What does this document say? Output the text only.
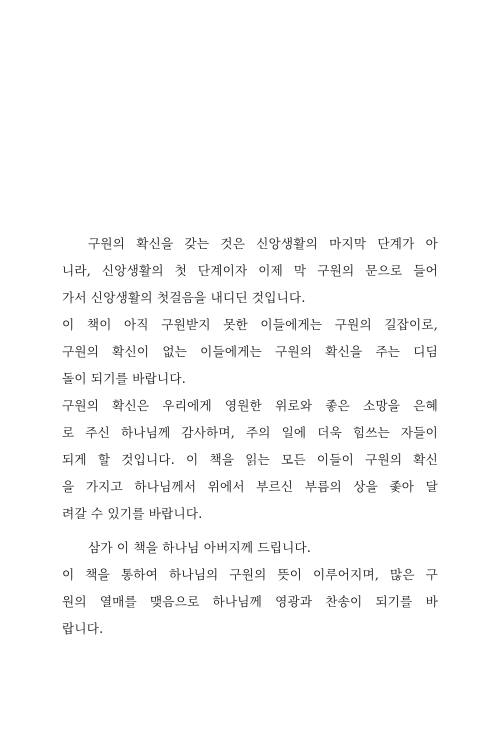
구원의 확신을 갖는 것은 신앙생활의 마지막 단계가 아
니라, 신앙생활의 첫 단계이자 이제 막 구원의 문으로 들어
가서 신앙생활의 첫걸음을 내디딘 것입니다.
이 책이 아직 구원받지 못한 이들에게는 구원의 길잡이로,
구원의 확신이 없는 이들에게는 구원의 확신을 주는 디딤
돌이 되기를 바랍니다.
구원의 확신은 우리에게 영원한 위로와 좋은 소망을 은혜
로 주신 하나님께 감사하며, 주의 일에 더욱 힘쓰는 자들이
되게 할 것입니다. 이 책을 읽는 모든 이들이 구원의 확신
을 가지고 하나님께서 위에서 부르신 부름의 상을 좇아 달
려갈 수 있기를 바랍니다.
삼가 이 책을 하나님 아버지께 드립니다.
이 책을 통하여 하나님의 구원의 뜻이 이루어지며, 많은 구
원의 열매를 맺음으로 하나님께 영광과 찬송이 되기를 바
랍니다.
